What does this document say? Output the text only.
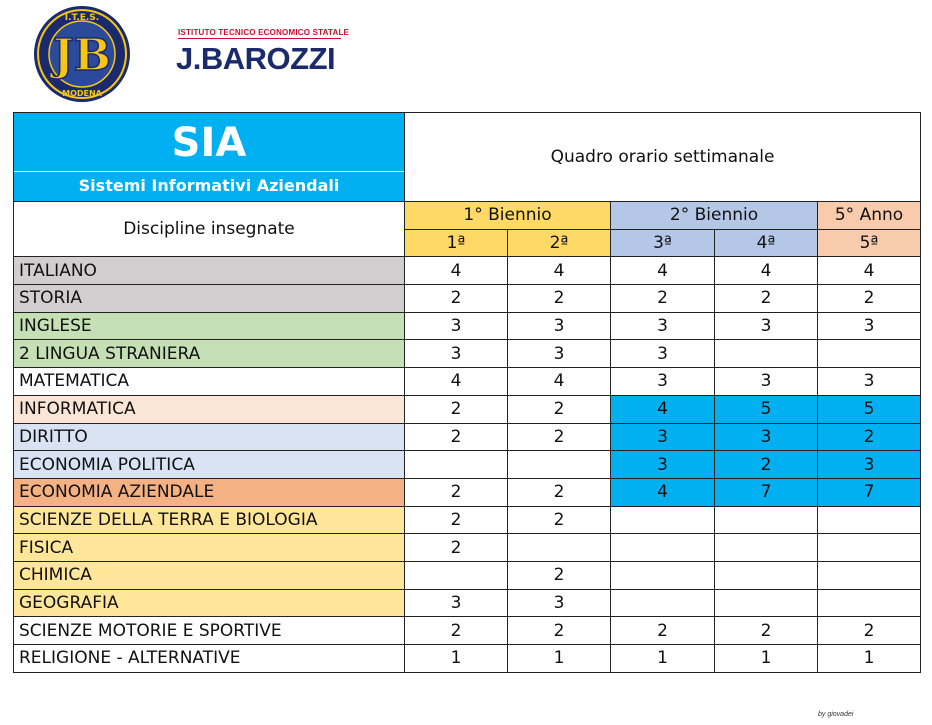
JB
I.T.E.S.
MODENA
ISTITUTO TECNICO ECONOMICO STATALE
J.BAROZZI
SIA
Sistemi Informativi Aziendali	Quadro orario settimanale				
Discipline insegnate	1° Biennio		2° Biennio		5° Anno
	1ª	2ª	3ª	4ª	5ª
ITALIANO	4	4	4	4	4
STORIA	2	2	2	2	2
INGLESE	3	3	3	3	3
2 LINGUA STRANIERA	3	3	3		
MATEMATICA	4	4	3	3	3
INFORMATICA	2	2	4	5	5
DIRITTO	2	2	3	3	2
ECONOMIA POLITICA			3	2	3
ECONOMIA AZIENDALE	2	2	4	7	7
SCIENZE DELLA TERRA E BIOLOGIA	2	2			
FISICA	2				
CHIMICA		2			
GEOGRAFIA	3	3			
SCIENZE MOTORIE E SPORTIVE	2	2	2	2	2
RELIGIONE - ALTERNATIVE	1	1	1	1	1
by giovadei
